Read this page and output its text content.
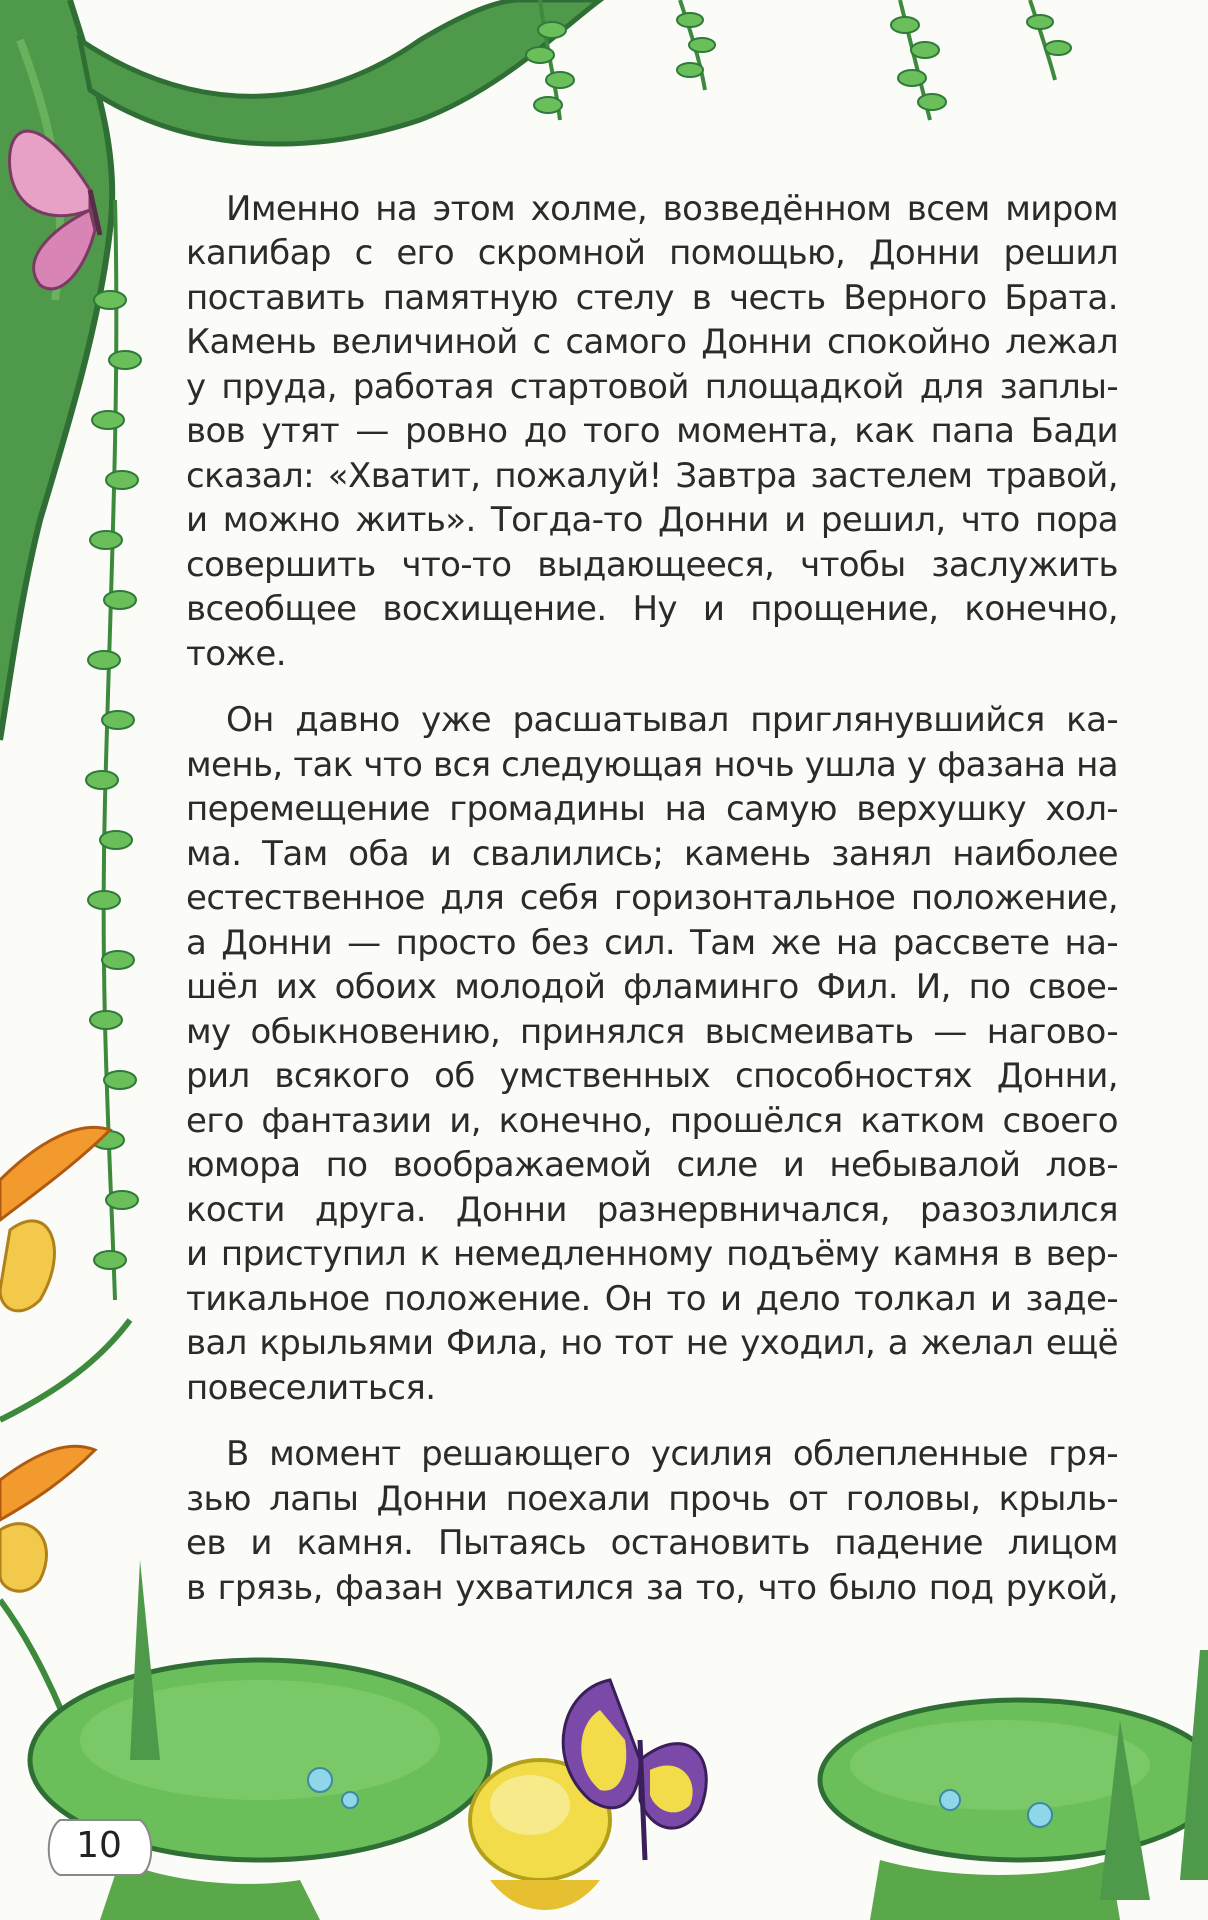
Именно на этом холме, возведённом всем миром
капибар с его скромной помощью, Донни решил
поставить памятную стелу в честь Верного Брата.
Камень величиной с самого Донни спокойно лежал
у пруда, работая стартовой площадкой для заплы-
вов утят — ровно до того момента, как папа Бади
сказал: «Хватит, пожалуй! Завтра застелем травой,
и можно жить». Тогда-то Донни и решил, что пора
совершить что-то выдающееся, чтобы заслужить
всеобщее восхищение. Ну и прощение, конечно,
тоже.
Он давно уже расшатывал приглянувшийся ка-
мень, так что вся следующая ночь ушла у фазана на
перемещение громадины на самую верхушку хол-
ма. Там оба и свалились; камень занял наиболее
естественное для себя горизонтальное положение,
а Донни — просто без сил. Там же на рассвете на-
шёл их обоих молодой фламинго Фил. И, по свое-
му обыкновению, принялся высмеивать — наговo-
рил всякого об умственных способностях Донни,
его фантазии и, конечно, прошёлся катком своего
юмора по воображаемой силе и небывалой лов-
кости друга. Донни разнервничался, разозлился
и приступил к немедленному подъёму камня в вер-
тикальное положение. Он то и дело толкал и заде-
вал крыльями Фила, но тот не уходил, а желал ещё
повеселиться.
В момент решающего усилия облепленные гря-
зью лапы Донни поехали прочь от головы, крыль-
ев и камня. Пытаясь остановить падение лицом
в грязь, фазан ухватился за то, что было под рукой,
10
